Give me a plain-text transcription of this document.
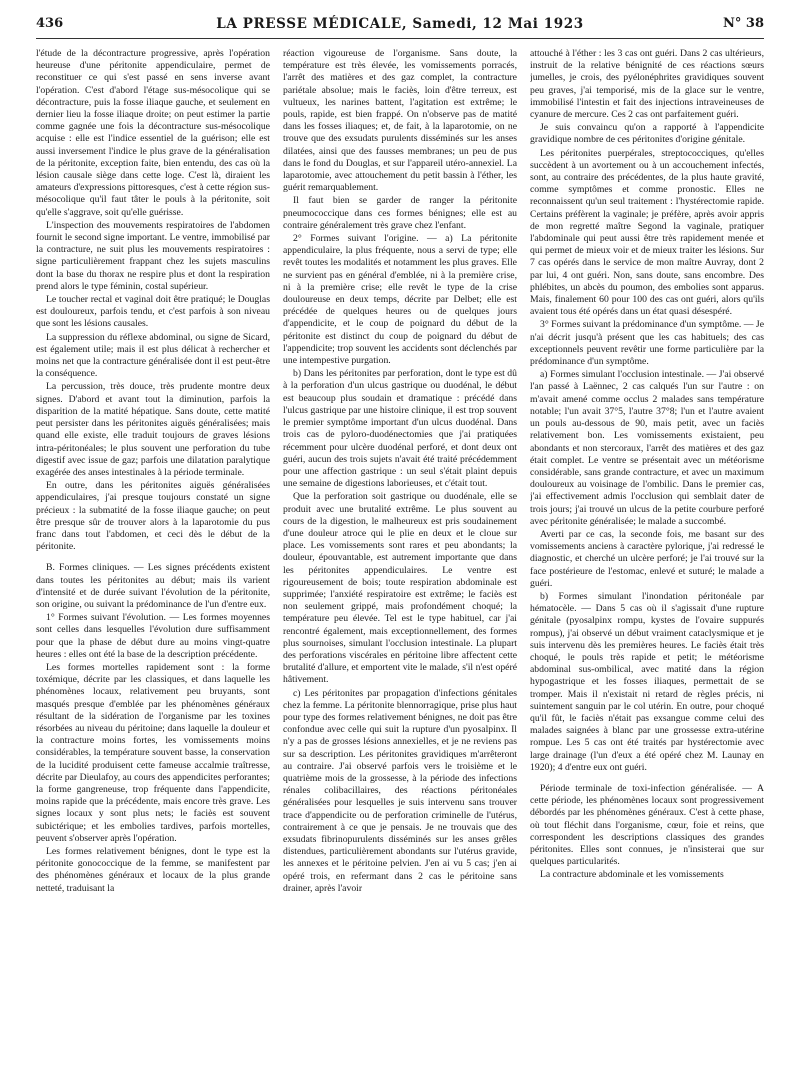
436	LA PRESSE MÉDICALE, Samedi, 12 Mai 1923	N° 38

l'étude de la décontracture progressive, après l'opération heureuse d'une péritonite appendiculaire, permet de reconstituer ce qui s'est passé en sens inverse avant l'opération. C'est d'abord l'étage sus-mésocolique qui se décontracture, puis la fosse iliaque gauche, et seulement en dernier lieu la fosse iliaque droite; on peut estimer la partie comme gagnée une fois la décontracture sus-mésocolique acquise : elle est l'indice essentiel de la guérison; elle est aussi inversement l'indice le plus grave de la généralisation de la péritonite, exception faite, bien entendu, des cas où la lésion causale siège dans cette loge. C'est là, diraient les amateurs d'expressions pittoresques, c'est à cette région sus-mésocolique qu'il faut tâter le pouls à la péritonite, soit qu'elle s'aggrave, soit qu'elle guérisse.

L'inspection des mouvements respiratoires de l'abdomen fournit le second signe important. Le ventre, immobilisé par la contracture, ne suit plus les mouvements respiratoires : signe particulièrement frappant chez les sujets masculins dont la base du thorax ne respire plus et dont la respiration prend alors le type féminin, costal supérieur.

Le toucher rectal et vaginal doit être pratiqué; le Douglas est douloureux, parfois tendu, et c'est parfois à son niveau que sont les lésions causales.

La suppression du réflexe abdominal, ou signe de Sicard, est également utile; mais il est plus délicat à rechercher et moins net que la contracture généralisée dont il est peut-être la conséquence.

La percussion, très douce, très prudente montre deux signes. D'abord et avant tout la diminution, parfois la disparition de la matité hépatique. Sans doute, cette matité peut persister dans les péritonites aiguës généralisées; mais quand elle existe, elle traduit toujours de graves lésions intra-péritonéales; le plus souvent une perforation du tube digestif avec issue de gaz; parfois une dilatation paralytique exagérée des anses intestinales à la période terminale.

En outre, dans les péritonites aiguës généralisées appendiculaires, j'ai presque toujours constaté un signe précieux : la submatité de la fosse iliaque gauche; on peut être presque sûr de trouver alors à la laparotomie du pus franc dans tout l'abdomen, et ceci dès le début de la péritonite.

B. Formes cliniques. — Les signes précédents existent dans toutes les péritonites au début; mais ils varient d'intensité et de durée suivant l'évolution de la péritonite, son origine, ou suivant la prédominance de l'un d'entre eux.

1° Formes suivant l'évolution. — Les formes moyennes sont celles dans lesquelles l'évolution dure suffisamment pour que la phase de début dure au moins vingt-quatre heures : elles ont été la base de la description précédente.

Les formes mortelles rapidement sont : la forme toxémique, décrite par les classiques, et dans laquelle les phénomènes locaux, relativement peu bruyants, sont masqués presque d'emblée par les phénomènes généraux résultant de la sidération de l'organisme par les toxines résorbées au niveau du péritoine; dans laquelle la douleur et la contracture moins fortes, les vomissements moins considérables, la température souvent basse, la conservation de la lucidité produisent cette fameuse accalmie traîtresse, décrite par Dieulafoy, au cours des appendicites perforantes; la forme gangreneuse, trop fréquente dans l'appendicite, moins rapide que la précédente, mais encore très grave. Les signes locaux y sont plus nets; le faciès est souvent subictérique; et les embolies tardives, parfois mortelles, peuvent s'observer après l'opération.

Les formes relativement bénignes, dont le type est la péritonite gonococcique de la femme, se manifestent par des phénomènes généraux et locaux de la plus grande netteté, traduisant la

réaction vigoureuse de l'organisme. Sans doute, la température est très élevée, les vomissements porracés, l'arrêt des matières et des gaz complet, la contracture pariétale absolue; mais le faciès, loin d'être terreux, est vultueux, les narines battent, l'agitation est extrême; le pouls, rapide, est bien frappé. On n'observe pas de matité dans les fosses iliaques; et, de fait, à la laparotomie, on ne trouve que des exsudats purulents disséminés sur les anses dilatées, ainsi que des fausses membranes; un peu de pus dans le fond du Douglas, et sur l'appareil utéro-annexiel. La laparotomie, avec attouchement du petit bassin à l'éther, les guérit remarquablement.

Il faut bien se garder de ranger la péritonite pneumococcique dans ces formes bénignes; elle est au contraire généralement très grave chez l'enfant.

2° Formes suivant l'origine. — a) La péritonite appendiculaire, la plus fréquente, nous a servi de type; elle revêt toutes les modalités et notamment les plus graves. Elle ne survient pas en général d'emblée, ni à la première crise, ni à la première crise; elle revêt le type de la crise douloureuse en deux temps, décrite par Delbet; elle est précédée de quelques heures ou de quelques jours d'appendicite, et le coup de poignard du début de la péritonite est distinct du coup de poignard du début de l'appendicite; trop souvent les accidents sont déclenchés par une intempestive purgation.

b) Dans les péritonites par perforation, dont le type est dû à la perforation d'un ulcus gastrique ou duodénal, le début est beaucoup plus soudain et dramatique : précédé dans l'ulcus gastrique par une histoire clinique, il est trop souvent le premier symptôme important d'un ulcus duodénal. Dans trois cas de pyloro-duodénectomies que j'ai pratiquées récemment pour ulcère duodénal perforé, et dont deux ont guéri, aucun des trois sujets n'avait été traité précédemment pour une affection gastrique : un seul s'était plaint depuis une semaine de digestions laborieuses, et c'était tout.

Que la perforation soit gastrique ou duodénale, elle se produit avec une brutalité extrême. Le plus souvent au cours de la digestion, le malheureux est pris soudainement d'une douleur atroce qui le plie en deux et le cloue sur place. Les vomissements sont rares et peu abondants; la douleur, épouvantable, est autrement importante que dans les péritonites appendiculaires. Le ventre est rigoureusement de bois; toute respiration abdominale est supprimée; l'anxiété respiratoire est extrême; le faciès est non seulement grippé, mais profondément choqué; la température peu élevée. Tel est le type habituel, car j'ai rencontré également, mais exceptionnellement, des formes plus sournoises, simulant l'occlusion intestinale. La plupart des perforations viscérales en péritoine libre affectent cette brutalité d'allure, et emportent vite le malade, s'il n'est opéré hâtivement.

c) Les péritonites par propagation d'infections génitales chez la femme. La péritonite blennorragique, prise plus haut pour type des formes relativement bénignes, ne doit pas être confondue avec celle qui suit la rupture d'un pyosalpinx. Il n'y a pas de grosses lésions annexielles, et je ne reviens pas sur sa description. Les péritonites gravidiques m'arrêteront au contraire. J'ai observé parfois vers le troisième et le quatrième mois de la grossesse, à la période des infections rénales colibacillaires, des réactions péritonéales généralisées pour lesquelles je suis intervenu sans trouver trace d'appendicite ou de perforation criminelle de l'utérus, contrairement à ce que je pensais. Je ne trouvais que des exsudats fibrinopurulents disséminés sur les anses grêles distendues, particulièrement abondants sur l'utérus gravide, les annexes et le péritoine pelvien. J'en ai vu 5 cas; j'en ai opéré trois, en refermant dans 2 cas le péritoine sans drainer, après l'avoir

attouché à l'éther : les 3 cas ont guéri. Dans 2 cas ultérieurs, instruit de la relative bénignité de ces réactions sœurs jumelles, je crois, des pyélonéphrites gravidiques souvent peu graves, j'ai temporisé, mis de la glace sur le ventre, immobilisé l'intestin et fait des injections intraveineuses de cyanure de mercure. Ces 2 cas ont parfaitement guéri.

Je suis convaincu qu'on a rapporté à l'appendicite gravidique nombre de ces péritonites d'origine génitale.

Les péritonites puerpérales, streptococciques, qu'elles succèdent à un avortement ou à un accouchement infectés, sont, au contraire des précédentes, de la plus haute gravité, comme symptômes et comme pronostic. Elles ne reconnaissent qu'un seul traitement : l'hystérectomie rapide. Certains préfèrent la vaginale; je préfère, après avoir appris de mon regretté maître Segond la vaginale, pratiquer l'abdominale qui peut aussi être très rapidement menée et qui permet de mieux voir et de mieux traiter les lésions. Sur 7 cas opérés dans le service de mon maître Auvray, dont 2 par lui, 4 ont guéri. Non, sans doute, sans encombre. Des phlébites, un abcès du poumon, des embolies sont apparus. Mais, finalement 60 pour 100 des cas ont guéri, alors qu'ils avaient tous été opérés dans un état quasi désespéré.

3° Formes suivant la prédominance d'un symptôme. — Je n'ai décrit jusqu'à présent que les cas habituels; des cas exceptionnels peuvent revêtir une forme particulière par la prédominance d'un symptôme.

a) Formes simulant l'occlusion intestinale. — J'ai observé l'an passé à Laënnec, 2 cas calqués l'un sur l'autre : on m'avait amené comme occlus 2 malades sans température notable; l'un avait 37°5, l'autre 37°8; l'un et l'autre avaient un pouls au-dessous de 90, mais petit, avec un faciès relativement bon. Les vomissements existaient, peu abondants et non stercoraux, l'arrêt des matières et des gaz était complet. Le ventre se présentait avec un météorisme considérable, sans grande contracture, et avec un maximum douloureux au voisinage de l'ombilic. Dans le premier cas, j'ai effectivement admis l'occlusion qui semblait dater de trois jours; j'ai trouvé un ulcus de la petite courbure perforé avec péritonite généralisée; le malade a succombé.

Averti par ce cas, la seconde fois, me basant sur des vomissements anciens à caractère pylorique, j'ai redressé le diagnostic, et cherché un ulcère perforé; je l'ai trouvé sur la face postérieure de l'estomac, enlevé et suturé; le malade a guéri.

b) Formes simulant l'inondation péritonéale par hématocèle. — Dans 5 cas où il s'agissait d'une rupture génitale (pyosalpinx rompu, kystes de l'ovaire suppurés rompus), j'ai observé un début vraiment cataclysmique et je suis intervenu dès les premières heures. Le faciès était très choqué, le pouls très rapide et petit; le météorisme abdominal sus-ombilical, avec matité dans la région hypogastrique et les fosses iliaques, permettait de se tromper. Mais il n'existait ni retard de règles précis, ni suintement sanguin par le col utérin. En outre, pour choqué qu'il fût, le faciès n'était pas exsangue comme celui des malades saignées à blanc par une grossesse extra-utérine rompue. Les 5 cas ont été traités par hystérectomie avec large drainage (l'un d'eux a été opéré chez M. Launay en 1920); 4 d'entre eux ont guéri.

Période terminale de toxi-infection généralisée. — A cette période, les phénomènes locaux sont progressivement débordés par les phénomènes généraux. C'est à cette phase, où tout fléchit dans l'organisme, cœur, foie et reins, que correspondent les descriptions classiques des grandes péritonites. Elles sont connues, je n'insisterai que sur quelques particularités.

La contracture abdominale et les vomissements
